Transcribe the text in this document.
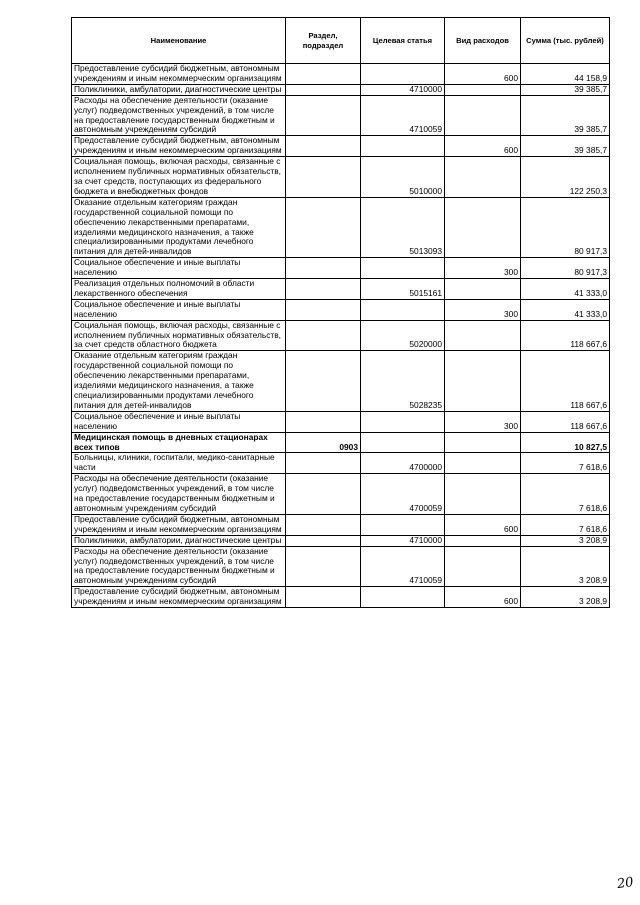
Наименование	Раздел, подраздел	Целевая статья	Вид расходов	Сумма (тыс. рублей)
Предоставление субсидий бюджетным, автономным учреждениям и иным некоммерческим организациям			600	44 158,9
Поликлиники, амбулатории, диагностические центры		4710000		39 385,7
Расходы на обеспечение деятельности (оказание услуг) подведомственных учреждений, в том числе на предоставление государственным бюджетным и автономным учреждениям субсидий		4710059		39 385,7
Предоставление субсидий бюджетным, автономным учреждениям и иным некоммерческим организациям			600	39 385,7
Социальная помощь, включая расходы, связанные с исполнением публичных нормативных обязательств, за счет средств, поступающих из федерального бюджета и внебюджетных фондов		5010000		122 250,3
Оказание отдельным категориям граждан государственной социальной помощи по обеспечению лекарственными препаратами, изделиями медицинского назначения, а также специализированными продуктами лечебного питания для детей-инвалидов		5013093		80 917,3
Социальное обеспечение и иные выплаты населению			300	80 917,3
Реализация отдельных полномочий в области лекарственного обеспечения		5015161		41 333,0
Социальное обеспечение и иные выплаты населению			300	41 333,0
Социальная помощь, включая расходы, связанные с исполнением публичных нормативных обязательств, за счет средств областного бюджета		5020000		118 667,6
Оказание отдельным категориям граждан государственной социальной помощи по обеспечению лекарственными препаратами, изделиями медицинского назначения, а также специализированными продуктами лечебного питания для детей-инвалидов		5028235		118 667,6
Социальное обеспечение и иные выплаты населению			300	118 667,6
Медицинская помощь в дневных стационарах всех типов	0903			10 827,5
Больницы, клиники, госпитали, медико-санитарные части		4700000		7 618,6
Расходы на обеспечение деятельности (оказание услуг) подведомственных учреждений, в том числе на предоставление государственным бюджетным и автономным учреждениям субсидий		4700059		7 618,6
Предоставление субсидий бюджетным, автономным учреждениям и иным некоммерческим организациям			600	7 618,6
Поликлиники, амбулатории, диагностические центры		4710000		3 208,9
Расходы на обеспечение деятельности (оказание услуг) подведомственных учреждений, в том числе на предоставление государственным бюджетным и автономным учреждениям субсидий		4710059		3 208,9
Предоставление субсидий бюджетным, автономным учреждениям и иным некоммерческим организациям			600	3 208,9
20
